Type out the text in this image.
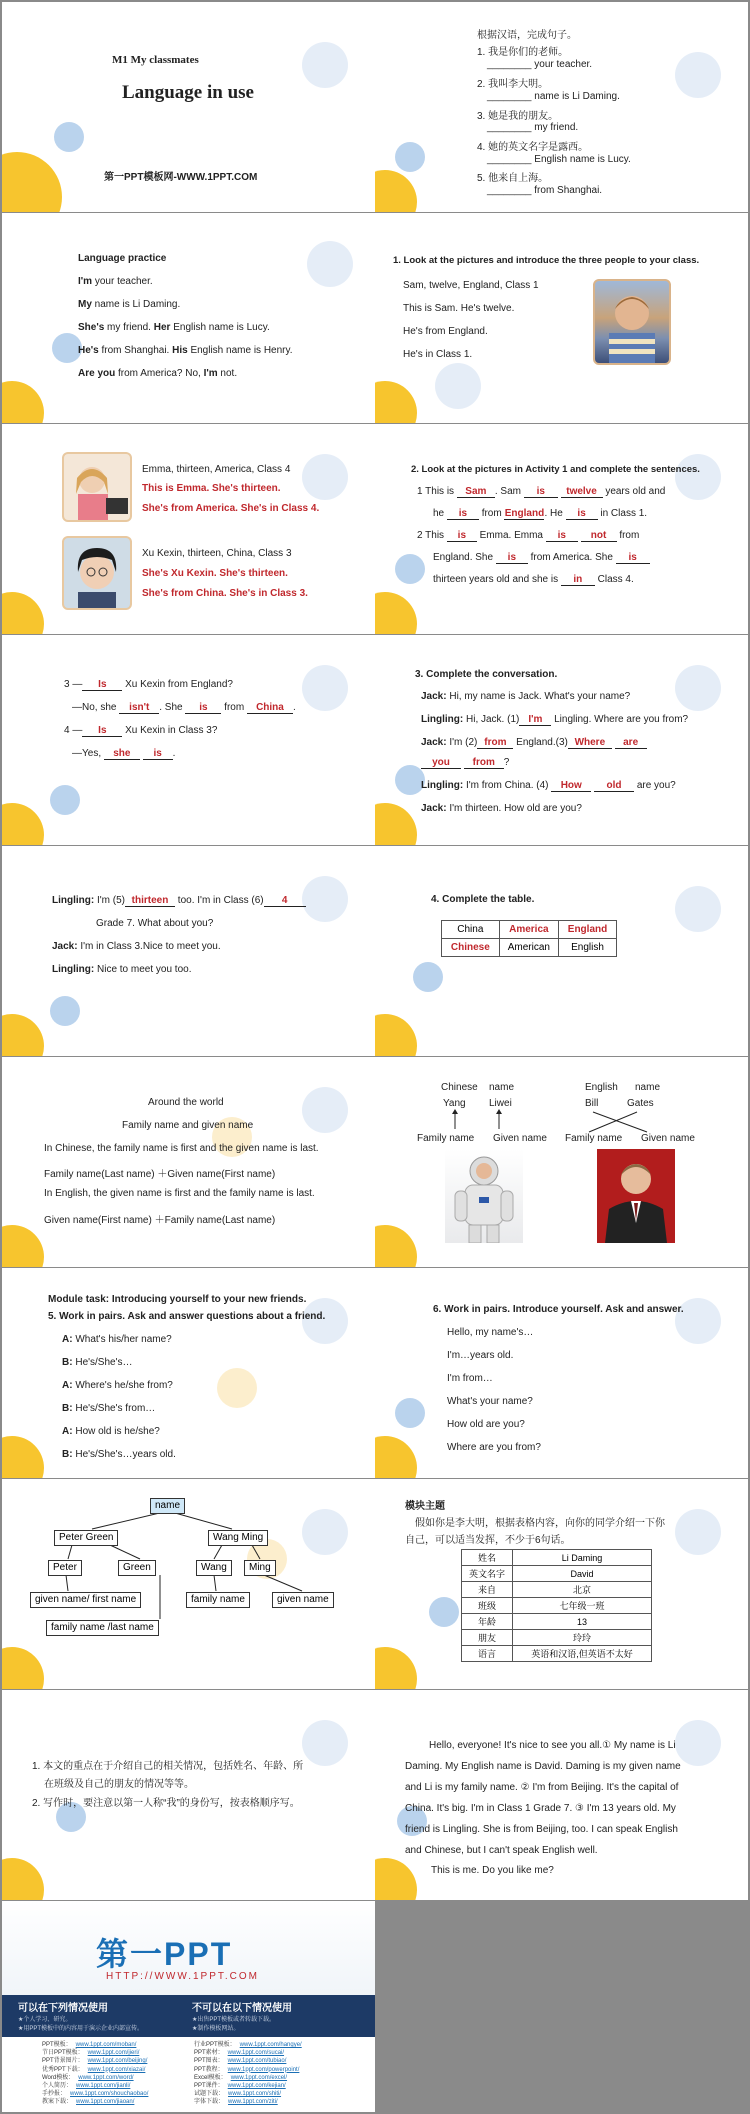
M1 My classmates
Language in use
第一PPT模板网-WWW.1PPT.COM
根据汉语，完成句子。
1. 我是你们的老师。
________ your teacher.
2. 我叫李大明。
________ name is Li Daming.
3. 她是我的朋友。
________ my friend.
4. 她的英文名字是露西。
________ English name is Lucy.
5. 他来自上海。
________ from Shanghai.
Language practice
I'm your teacher.
My name is Li Daming.
She's my friend. Her English name is Lucy.
He's from Shanghai. His English name is Henry.
Are you from America? No, I'm not.
1. Look at the pictures and introduce the three people to your class.
Sam, twelve, England, Class 1
This is Sam. He's twelve.
He's from England.
He's in Class 1.
Emma, thirteen, America, Class 4
This is Emma. She's thirteen.
She's from America. She's in Class 4.
Xu Kexin, thirteen, China, Class 3
She's Xu Kexin. She's thirteen.
She's from China. She's in Class 3.
2. Look at the pictures in Activity 1 and complete the sentences.
1 This is Sam . Sam is twelve years old and
he is from England. He is in Class 1.
2 This is Emma. Emma is not from
England. She is from America. She is
thirteen years old and she is in Class 4.
3 — Is Xu Kexin from England?
—No, she isn't . She is from China .
4 — Is Xu Kexin in Class 3?
—Yes, she is .
3. Complete the conversation.
Jack: Hi, my name is Jack. What's your name?
Lingling: Hi, Jack. (1) I'm Lingling. Where are you from?
Jack: I'm (2) from England.(3) Where are
you from ?
Lingling: I'm from China. (4) How old are you?
Jack: I'm thirteen. How old are you?
Lingling: I'm (5) thirteen too. I'm in Class (6) 4
Grade 7. What about you?
Jack: I'm in Class 3.Nice to meet you.
Lingling: Nice to meet you too.
4. Complete the table.
China	America	England
Chinese	American	English
Around the world
Family name and given name
In Chinese, the family name is first and the given name is last.
Family name(Last name) ＋Given name(First name)
In English, the given name is first and the family name is last.
Given name(First name) ＋Family name(Last name)
Chinese name
Yang Liwei
English name
Bill	Gates
Family name Given name Family name Given name
Module task: Introducing yourself to your new friends.
5. Work in pairs. Ask and answer questions about a friend.
A: What's his/her name?
B: He's/She's…
A: Where's he/she from?
B: He's/She's from…
A: How old is he/she?
B: He's/She's…years old.
6. Work in pairs. Introduce yourself. Ask and answer.
Hello, my name's…
I'm…years old.
I'm from…
What's your name?
How old are you?
Where are you from?
name
Peter Green	Wang Ming
Peter	Green	Wang	Ming
given name/ first name	family name	given name
family name /last name
模块主题
假如你是李大明，根据表格内容，向你的同学介绍一下你
自己，可以适当发挥，不少于6句话。
姓名	Li Daming
英文名字	David
来自	北京
班级	七年级一班
年龄	13
朋友	玲玲
语言	英语和汉语,但英语不太好
1. 本文的重点在于介绍自己的相关情况，包括姓名、年龄、所
在班级及自己的朋友的情况等等。
2. 写作时，要注意以第一人称“我”的身份写，按表格顺序写。
Hello, everyone! It's nice to see you all.① My name is Li
Daming. My English name is David. Daming is my given name
and Li is my family name. ② I'm from Beijing. It's the capital of
China. It's big. I'm in Class 1 Grade 7. ③ I'm 13 years old. My
friend is Lingling. She is from Beijing, too. I can speak English
and Chinese, but I can't speak English well.
This is me. Do you like me?
第一PPT
HTTP://WWW.1PPT.COM
可以在下列情况使用
★个人学习、研究。
★用PPT模板中的内容用于演示企业内部宣传。
不可以在以下情况使用
★出售PPT模板或者转载下载。
★制作模板网站。
PPT模板： www.1ppt.com/moban/
节日PPT模板： www.1ppt.com/jieri/
PPT背景图片： www.1ppt.com/beijing/
优秀PPT下载： www.1ppt.com/xiazai/
Word模板： www.1ppt.com/word/
个人简历： www.1ppt.com/jianli/
手抄报： www.1ppt.com/shouchaobao/
教案下载： www.1ppt.com/jiaoan/
行业PPT模板： www.1ppt.com/hangye/
PPT素材： www.1ppt.com/sucai/
PPT图表： www.1ppt.com/tubiao/
PPT教程： www.1ppt.com/powerpoint/
Excel模板： www.1ppt.com/excel/
PPT课件： www.1ppt.com/kejian/
试题下载： www.1ppt.com/shiti/
字体下载： www.1ppt.com/ziti/
